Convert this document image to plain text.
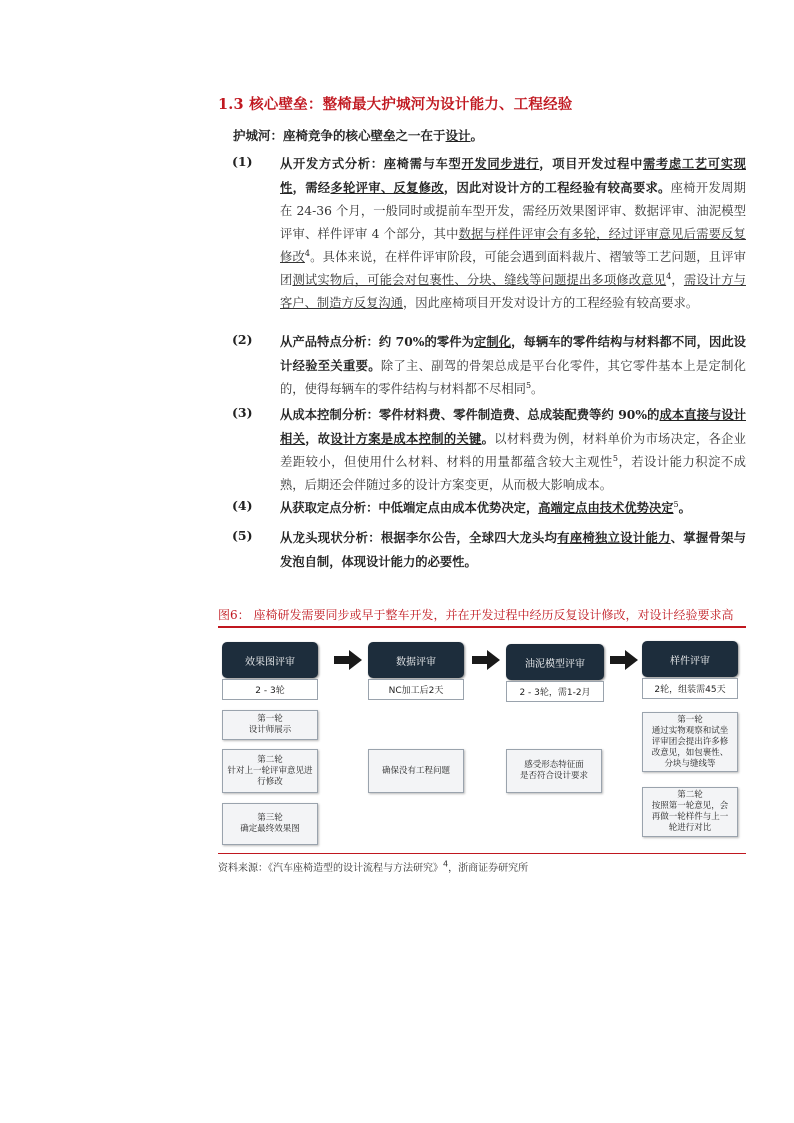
1.3 核心壁垒：整椅最大护城河为设计能力、工程经验
护城河：座椅竞争的核心壁垒之一在于设计。
(1) 从开发方式分析：座椅需与车型开发同步进行，项目开发过程中需考虑工艺可实现性，需经多轮评审、反复修改，因此对设计方的工程经验有较高要求。座椅开发周期在 24-36 个月，一般同时或提前车型开发，需经历效果图评审、数据评审、油泥模型评审、样件评审 4 个部分，其中数据与样件评审会有多轮，经过评审意见后需要反复修改$^4$。具体来说，在样件评审阶段，可能会遇到面料裁片、褶皱等工艺问题，且评审团测试实物后，可能会对包裹性、分块、缝线等问题提出多项修改意见$^4$，需设计方与客户、制造方反复沟通，因此座椅项目开发对设计方的工程经验有较高要求。
(2) 从产品特点分析：约 70%的零件为定制化，每辆车的零件结构与材料都不同，因此设计经验至关重要。除了主、副驾的骨架总成是平台化零件，其它零件基本上是定制化的，使得每辆车的零件结构与材料都不尽相同$^5$。
(3) 从成本控制分析：零件材料费、零件制造费、总成装配费等约 90%的成本直接与设计相关，故设计方案是成本控制的关键。以材料费为例，材料单价为市场决定，各企业差距较小，但使用什么材料、材料的用量都蕴含较大主观性$^5$，若设计能力积淀不成熟，后期还会伴随过多的设计方案变更，从而极大影响成本。
(4) 从获取定点分析：中低端定点由成本优势决定，高端定点由技术优势决定$^5$。
(5) 从龙头现状分析：根据李尔公告，全球四大龙头均有座椅独立设计能力、掌握骨架与发泡自制，体现设计能力的必要性。
图6： 座椅研发需要同步或早于整车开发，并在开发过程中经历反复设计修改，对设计经验要求高
效果图评审
2 - 3轮
第一轮
设计师展示
第二轮
针对上一轮评审意见进
行修改
第三轮
确定最终效果图
数据评审
NC加工后2天
确保没有工程问题
油泥模型评审
2 - 3轮，需1-2月
感受形态特征面
是否符合设计要求
样件评审
2轮，组装需45天
第一轮
通过实物观察和试坐
评审团会提出许多修
改意见，如包裹性、
分块与缝线等
第二轮
按照第一轮意见，会
再做一轮样件与上一
轮进行对比
资料来源：《汽车座椅造型的设计流程与方法研究》$^4$，浙商证券研究所
